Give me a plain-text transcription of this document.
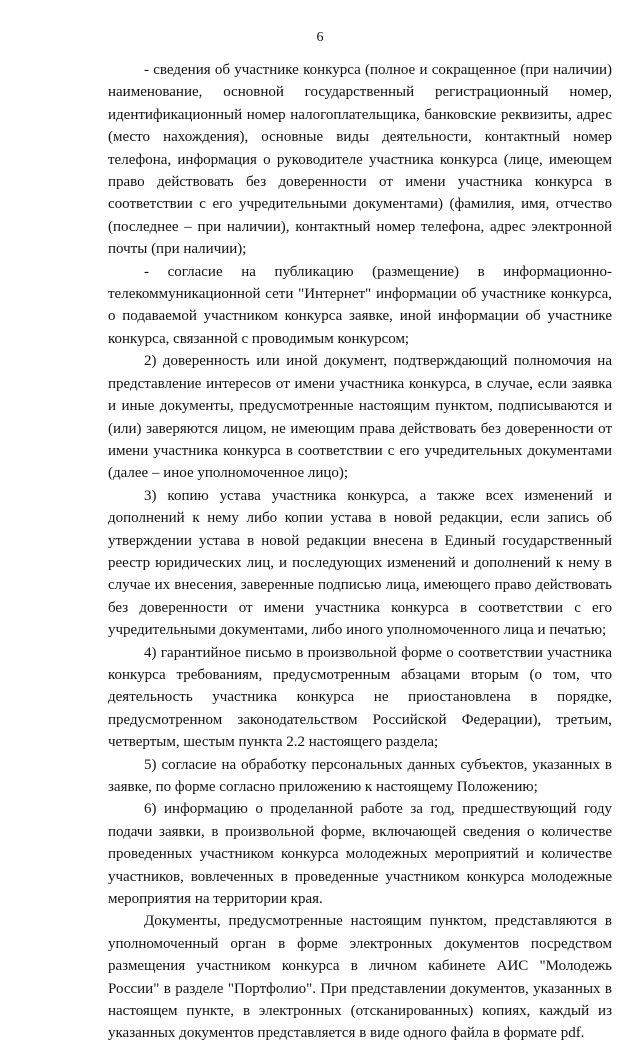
6

- сведения об участнике конкурса (полное и сокращенное (при наличии) наименование, основной государственный регистрационный номер, идентификационный номер налогоплательщика, банковские реквизиты, адрес (место нахождения), основные виды деятельности, контактный номер телефона, информация о руководителе участника конкурса (лице, имеющем право действовать без доверенности от имени участника конкурса в соответствии с его учредительными документами) (фамилия, имя, отчество (последнее – при наличии), контактный номер телефона, адрес электронной почты (при наличии);

- согласие на публикацию (размещение) в информационно-телекоммуникационной сети "Интернет" информации об участнике конкурса, о подаваемой участником конкурса заявке, иной информации об участнике конкурса, связанной с проводимым конкурсом;

2) доверенность или иной документ, подтверждающий полномочия на представление интересов от имени участника конкурса, в случае, если заявка и иные документы, предусмотренные настоящим пунктом, подписываются и (или) заверяются лицом, не имеющим права действовать без доверенности от имени участника конкурса в соответствии с его учредительных документами (далее – иное уполномоченное лицо);

3) копию устава участника конкурса, а также всех изменений и дополнений к нему либо копии устава в новой редакции, если запись об утверждении устава в новой редакции внесена в Единый государственный реестр юридических лиц, и последующих изменений и дополнений к нему в случае их внесения, заверенные подписью лица, имеющего право действовать без доверенности от имени участника конкурса в соответствии с его учредительными документами, либо иного уполномоченного лица и печатью;

4) гарантийное письмо в произвольной форме о соответствии участника конкурса требованиям, предусмотренным абзацами вторым (о том, что деятельность участника конкурса не приостановлена в порядке, предусмотренном законодательством Российской Федерации), третьим, четвертым, шестым пункта 2.2 настоящего раздела;

5) согласие на обработку персональных данных субъектов, указанных в заявке, по форме согласно приложению к настоящему Положению;

6) информацию о проделанной работе за год, предшествующий году подачи заявки, в произвольной форме, включающей сведения о количестве проведенных участником конкурса молодежных мероприятий и количестве участников, вовлеченных в проведенные участником конкурса молодежные мероприятия на территории края.

Документы, предусмотренные настоящим пунктом, представляются в уполномоченный орган в форме электронных документов посредством размещения участником конкурса в личном кабинете АИС "Молодежь России" в разделе "Портфолио". При представлении документов, указанных в настоящем пункте, в электронных (отсканированных) копиях, каждый из указанных документов представляется в виде одного файла в формате pdf.
